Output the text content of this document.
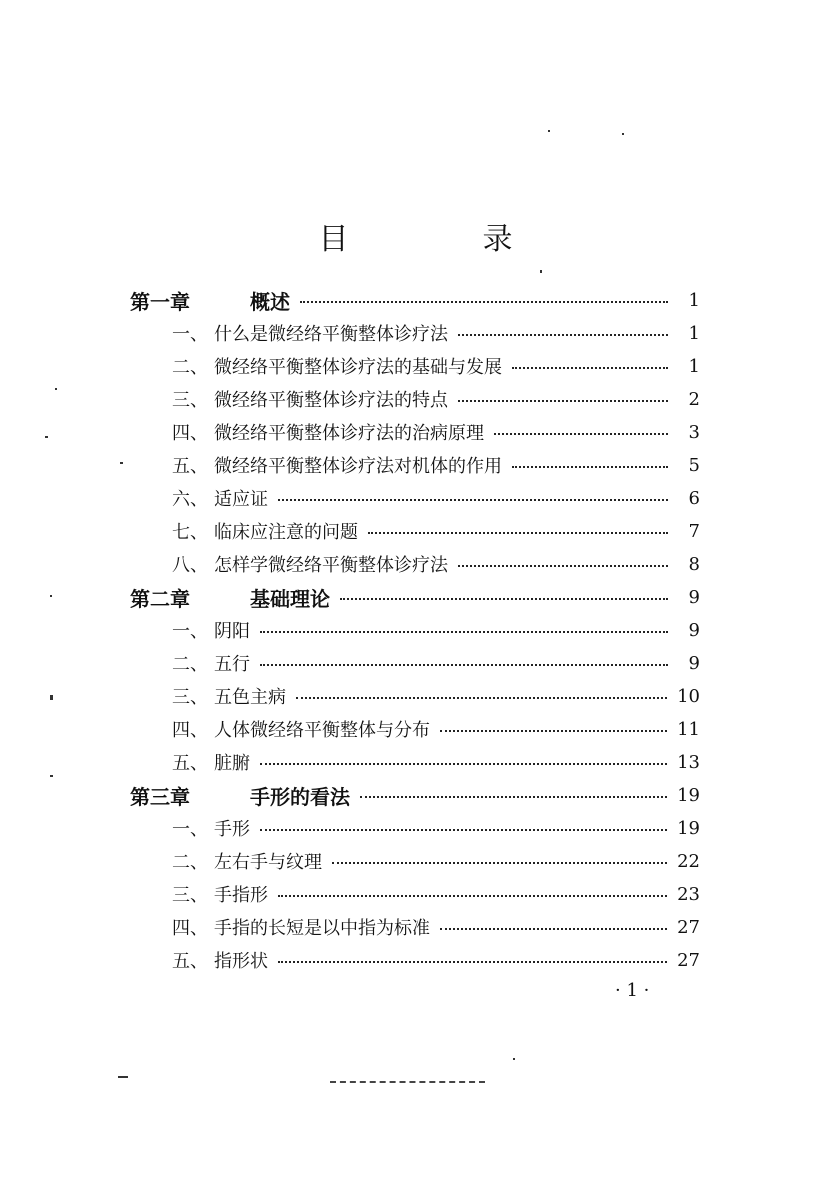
目　录
第一章	概述	1
一、 什么是微经络平衡整体诊疗法	1
二、 微经络平衡整体诊疗法的基础与发展	1
三、 微经络平衡整体诊疗法的特点	2
四、 微经络平衡整体诊疗法的治病原理	3
五、 微经络平衡整体诊疗法对机体的作用	5
六、 适应证	6
七、 临床应注意的问题	7
八、 怎样学微经络平衡整体诊疗法	8
第二章	基础理论	9
一、 阴阳	9
二、 五行	9
三、 五色主病	10
四、 人体微经络平衡整体与分布	11
五、 脏腑	13
第三章	手形的看法	19
一、 手形	19
二、 左右手与纹理	22
三、 手指形	23
四、 手指的长短是以中指为标准	27
五、 指形状	27
· 1 ·
